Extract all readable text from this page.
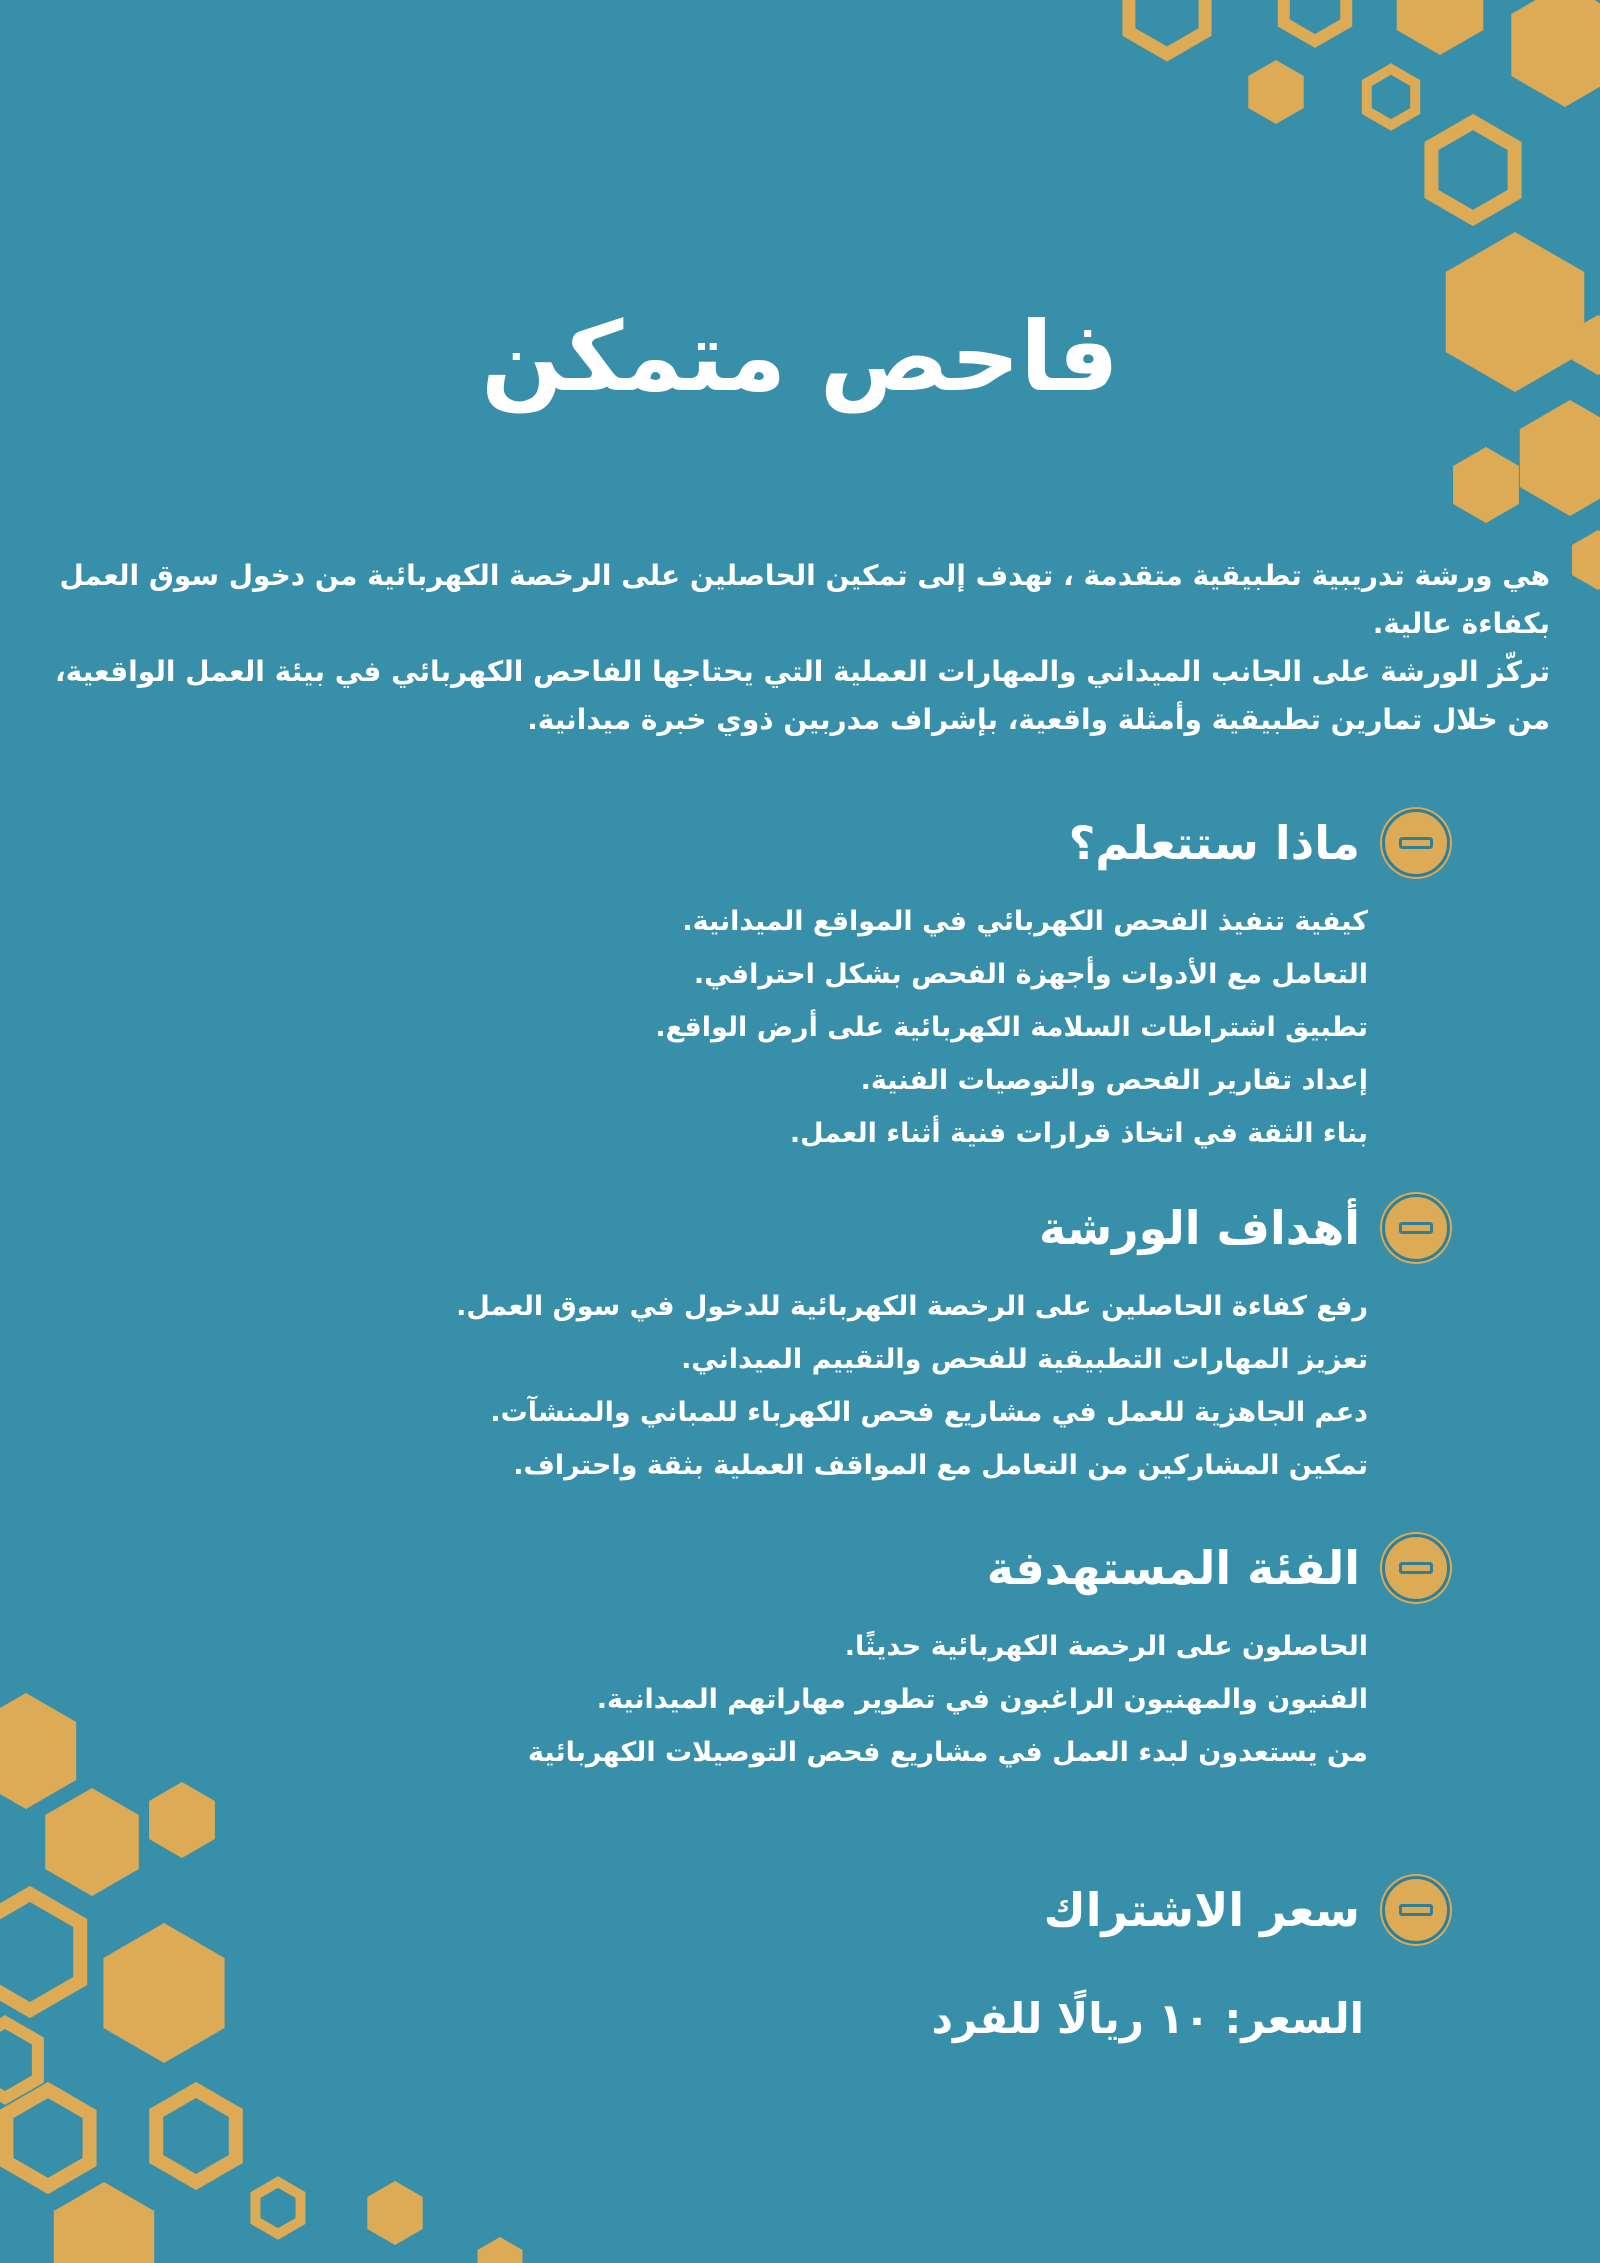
فاحص متمكن

هي ورشة تدريبية تطبيقية متقدمة ، تهدف إلى تمكين الحاصلين على الرخصة الكهربائية من دخول سوق العمل بكفاءة عالية.

تركّز الورشة على الجانب الميداني والمهارات العملية التي يحتاجها الفاحص الكهربائي في بيئة العمل الواقعية، من خلال تمارين تطبيقية وأمثلة واقعية، بإشراف مدربين ذوي خبرة ميدانية.

ماذا ستتعلم؟
كيفية تنفيذ الفحص الكهربائي في المواقع الميدانية.
التعامل مع الأدوات وأجهزة الفحص بشكل احترافي.
تطبيق اشتراطات السلامة الكهربائية على أرض الواقع.
إعداد تقارير الفحص والتوصيات الفنية.
بناء الثقة في اتخاذ قرارات فنية أثناء العمل.
أهداف الورشة
رفع كفاءة الحاصلين على الرخصة الكهربائية للدخول في سوق العمل.
تعزيز المهارات التطبيقية للفحص والتقييم الميداني.
دعم الجاهزية للعمل في مشاريع فحص الكهرباء للمباني والمنشآت.
تمكين المشاركين من التعامل مع المواقف العملية بثقة واحتراف.
الفئة المستهدفة
الحاصلون على الرخصة الكهربائية حديثًا.
الفنيون والمهنيون الراغبون في تطوير مهاراتهم الميدانية.
من يستعدون لبدء العمل في مشاريع فحص التوصيلات الكهربائية
سعر الاشتراك
السعر: ١٠ ريالًا للفرد
